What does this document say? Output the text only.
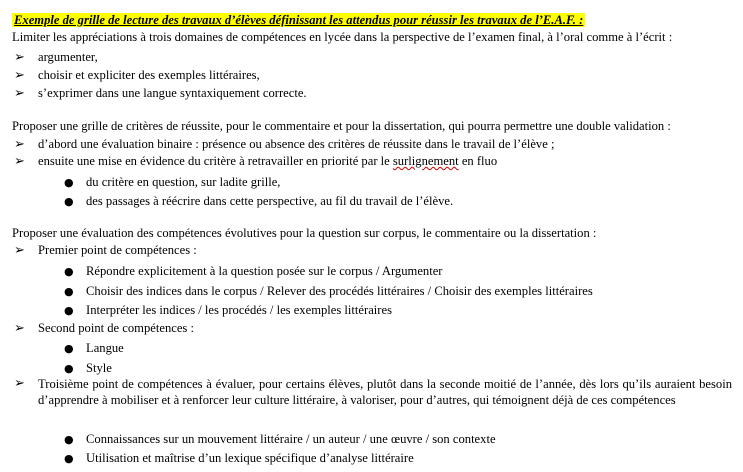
Exemple de grille de lecture des travaux d’élèves définissant les attendus pour réussir les travaux de l’E.A.F. :
Limiter les appréciations à trois domaines de compétences en lycée dans la perspective de l’examen final, à l’oral comme à l’écrit :
➢ argumenter,
➢ choisir et expliciter des exemples littéraires,
➢ s’exprimer dans une langue syntaxiquement correcte.
Proposer une grille de critères de réussite, pour le commentaire et pour la dissertation, qui pourra permettre une double validation :
➢ d’abord une évaluation binaire : présence ou absence des critères de réussite dans le travail de l’élève ;
➢ ensuite une mise en évidence du critère à retravailler en priorité par le surlignement en fluo
● du critère en question, sur ladite grille,
● des passages à réécrire dans cette perspective, au fil du travail de l’élève.
Proposer une évaluation des compétences évolutives pour la question sur corpus, le commentaire ou la dissertation :
➢ Premier point de compétences :
● Répondre explicitement à la question posée sur le corpus / Argumenter
● Choisir des indices dans le corpus / Relever des procédés littéraires / Choisir des exemples littéraires
● Interpréter les indices / les procédés / les exemples littéraires
➢ Second point de compétences :
● Langue
● Style
➢ Troisième point de compétences à évaluer, pour certains élèves, plutôt dans la seconde moitié de l’année, dès lors qu’ils auraient besoin d’apprendre à mobiliser et à renforcer leur culture littéraire, à valoriser, pour d’autres, qui témoignent déjà de ces compétences
● Connaissances sur un mouvement littéraire / un auteur / une œuvre / son contexte
● Utilisation et maîtrise d’un lexique spécifique d’analyse littéraire
